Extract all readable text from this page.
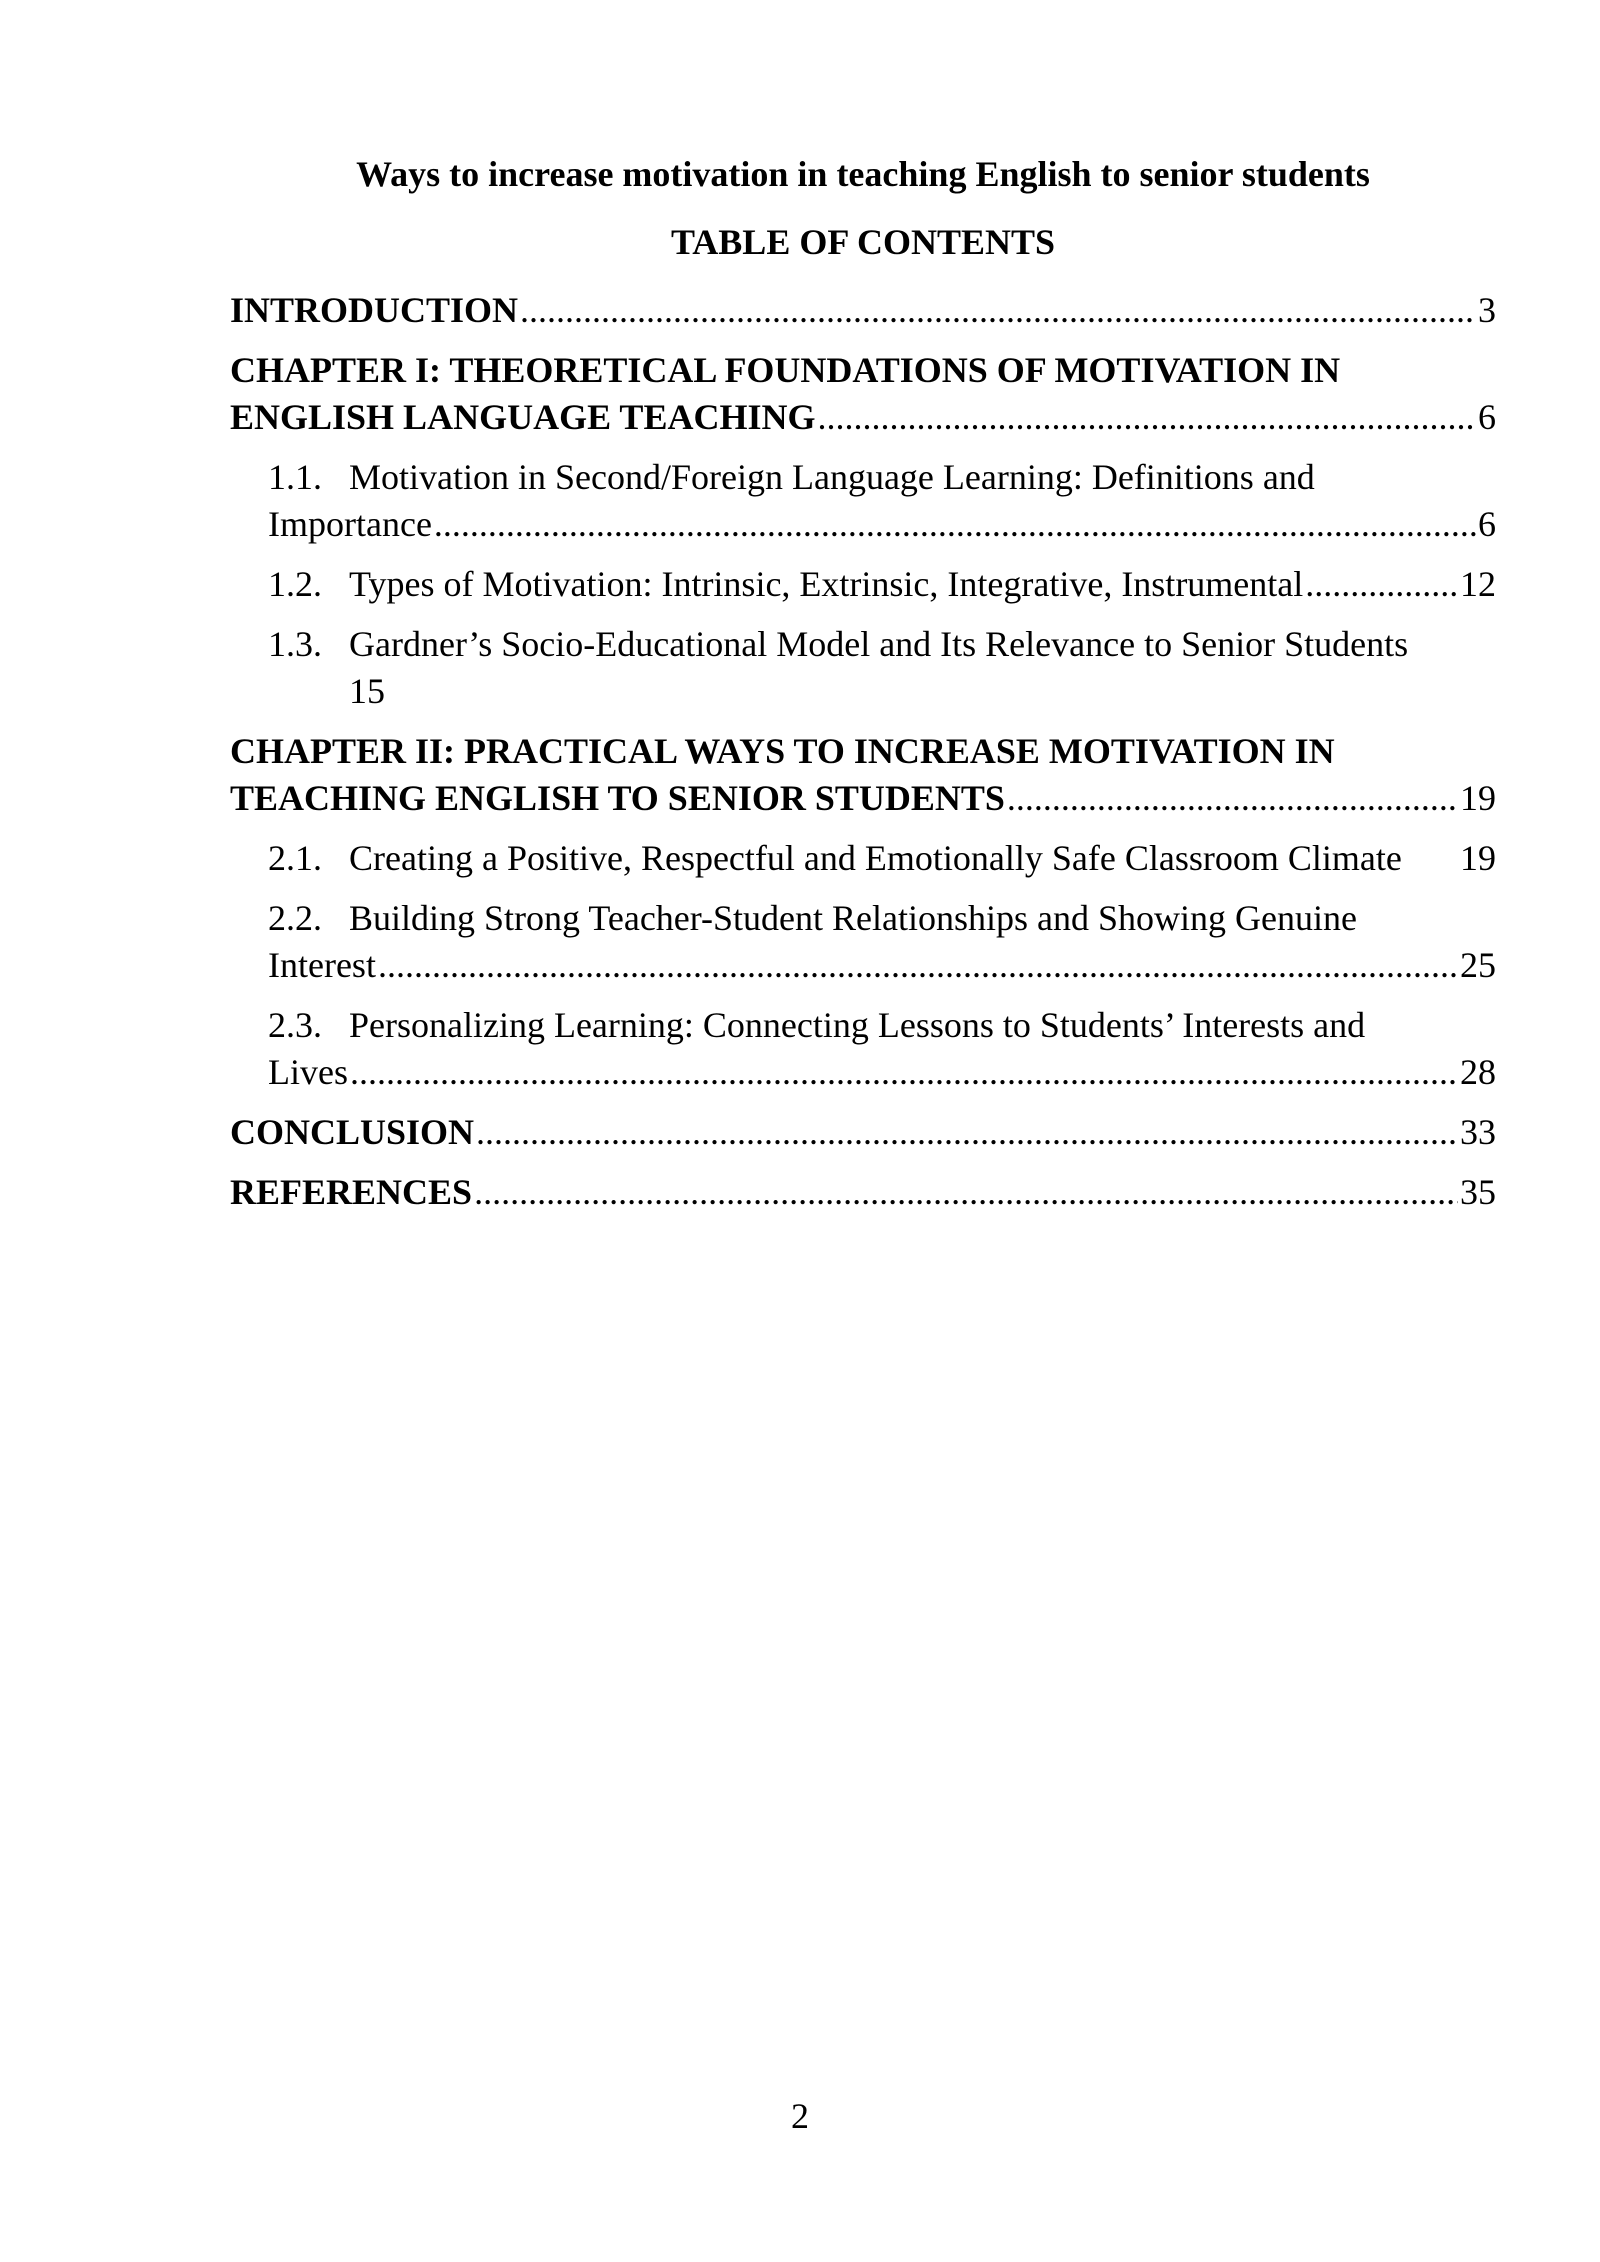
Ways to increase motivation in teaching English to senior students
TABLE OF CONTENTS
INTRODUCTION . . .	3
CHAPTER I: THEORETICAL FOUNDATIONS OF MOTIVATION IN
ENGLISH LANGUAGE TEACHING . . .	6
1.1. Motivation in Second/Foreign Language Learning: Definitions and
Importance . . .	6
1.2. Types of Motivation: Intrinsic, Extrinsic, Integrative, Instrumental . . .	12
1.3. Gardner’s Socio-Educational Model and Its Relevance to Senior Students
15
CHAPTER II: PRACTICAL WAYS TO INCREASE MOTIVATION IN
TEACHING ENGLISH TO SENIOR STUDENTS . . .	19
2.1. Creating a Positive, Respectful and Emotionally Safe Classroom Climate 19
2.2. Building Strong Teacher-Student Relationships and Showing Genuine
Interest . . .	25
2.3. Personalizing Learning: Connecting Lessons to Students’ Interests and
Lives . . .	28
CONCLUSION . . .	33
REFERENCES . . .	35
2
